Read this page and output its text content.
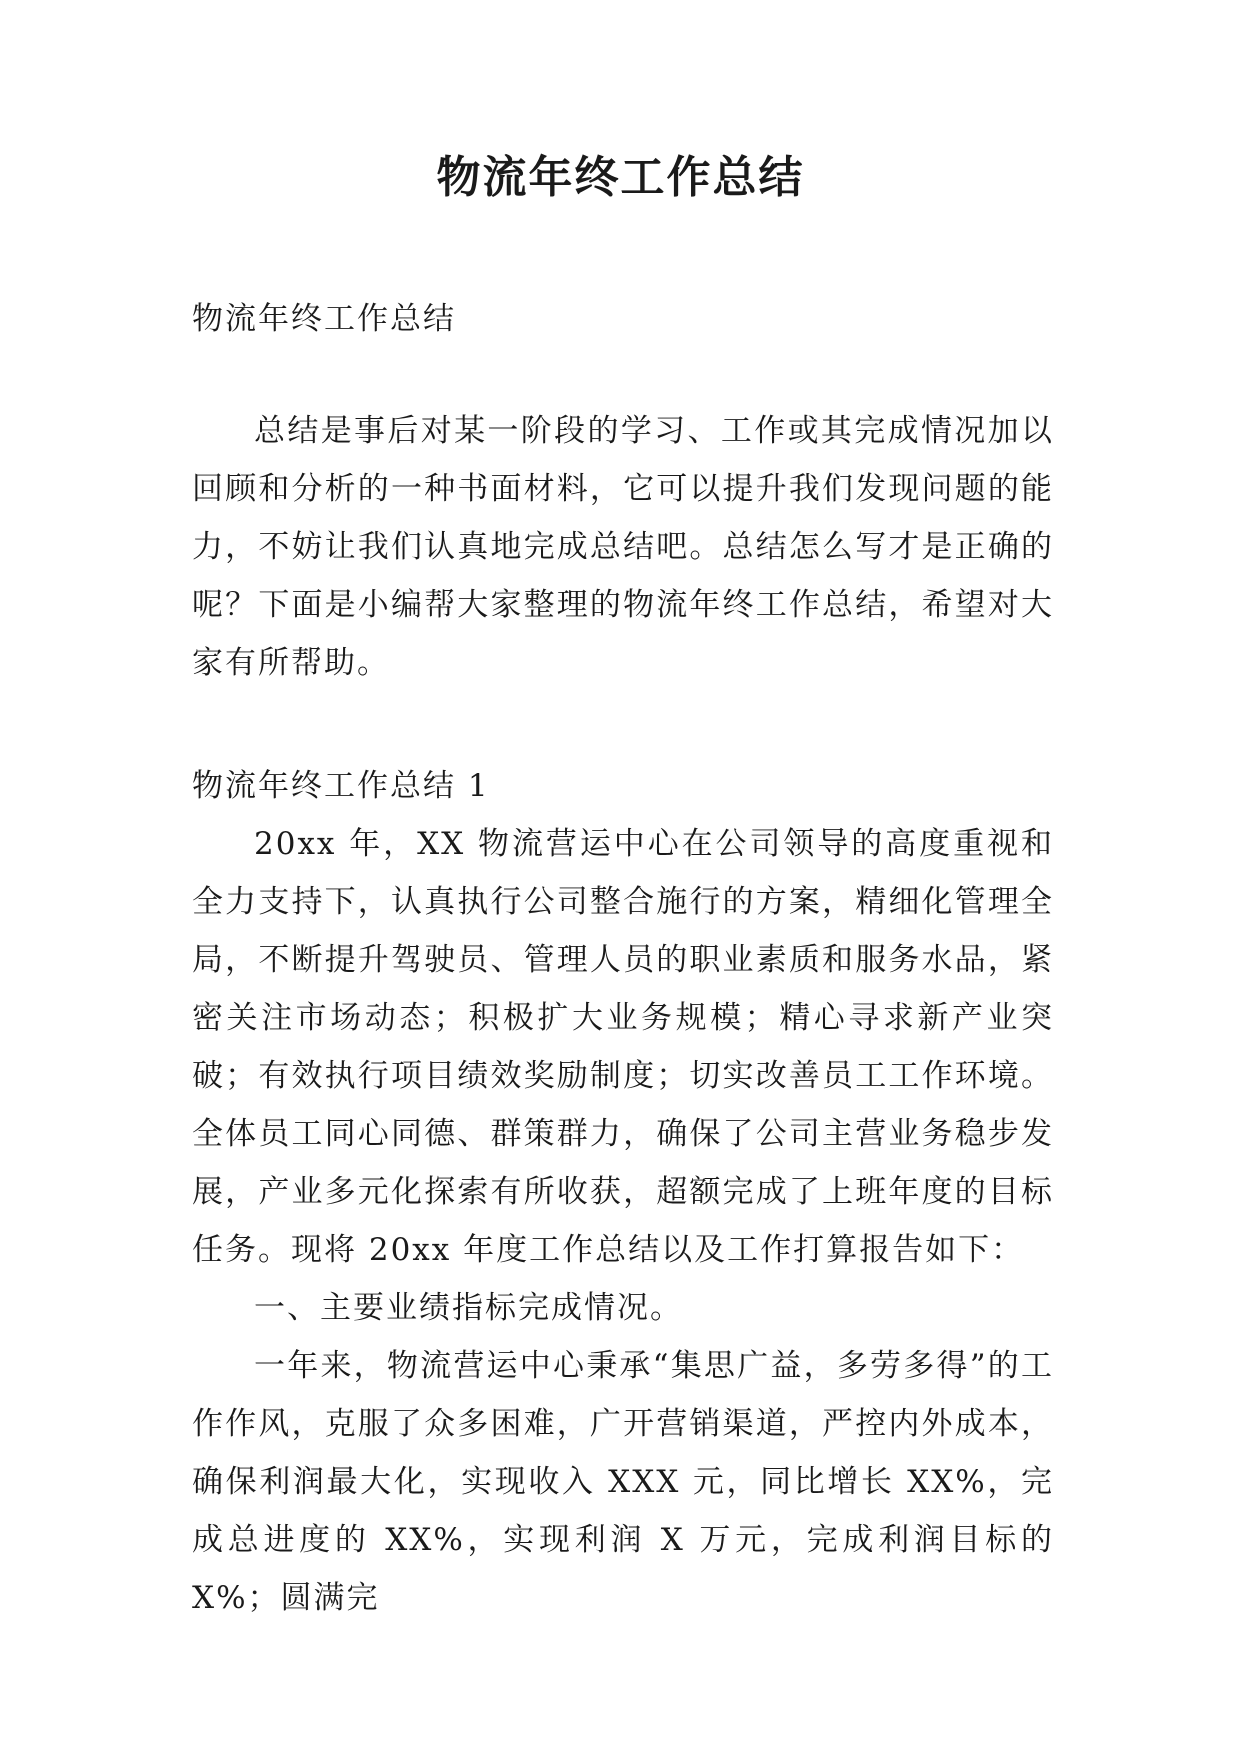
物流年终工作总结
物流年终工作总结

总结是事后对某一阶段的学习、工作或其完成情况加以回顾和分析的一种书面材料，它可以提升我们发现问题的能力，不妨让我们认真地完成总结吧。总结怎么写才是正确的呢？下面是小编帮大家整理的物流年终工作总结，希望对大家有所帮助。

物流年终工作总结 1

20xx 年，XX 物流营运中心在公司领导的高度重视和全力支持下，认真执行公司整合施行的方案，精细化管理全局，不断提升驾驶员、管理人员的职业素质和服务水品，紧密关注市场动态；积极扩大业务规模；精心寻求新产业突破；有效执行项目绩效奖励制度；切实改善员工工作环境。全体员工同心同德、群策群力，确保了公司主营业务稳步发展，产业多元化探索有所收获，超额完成了上班年度的目标任务。现将 20xx 年度工作总结以及工作打算报告如下：

一、主要业绩指标完成情况。

一年来，物流营运中心秉承“集思广益，多劳多得”的工作作风，克服了众多困难，广开营销渠道，严控内外成本，确保利润最大化，实现收入 XXX 元，同比增长 XX%，完成总进度的 XX%，实现利润 X 万元，完成利润目标的 X%；圆满完
